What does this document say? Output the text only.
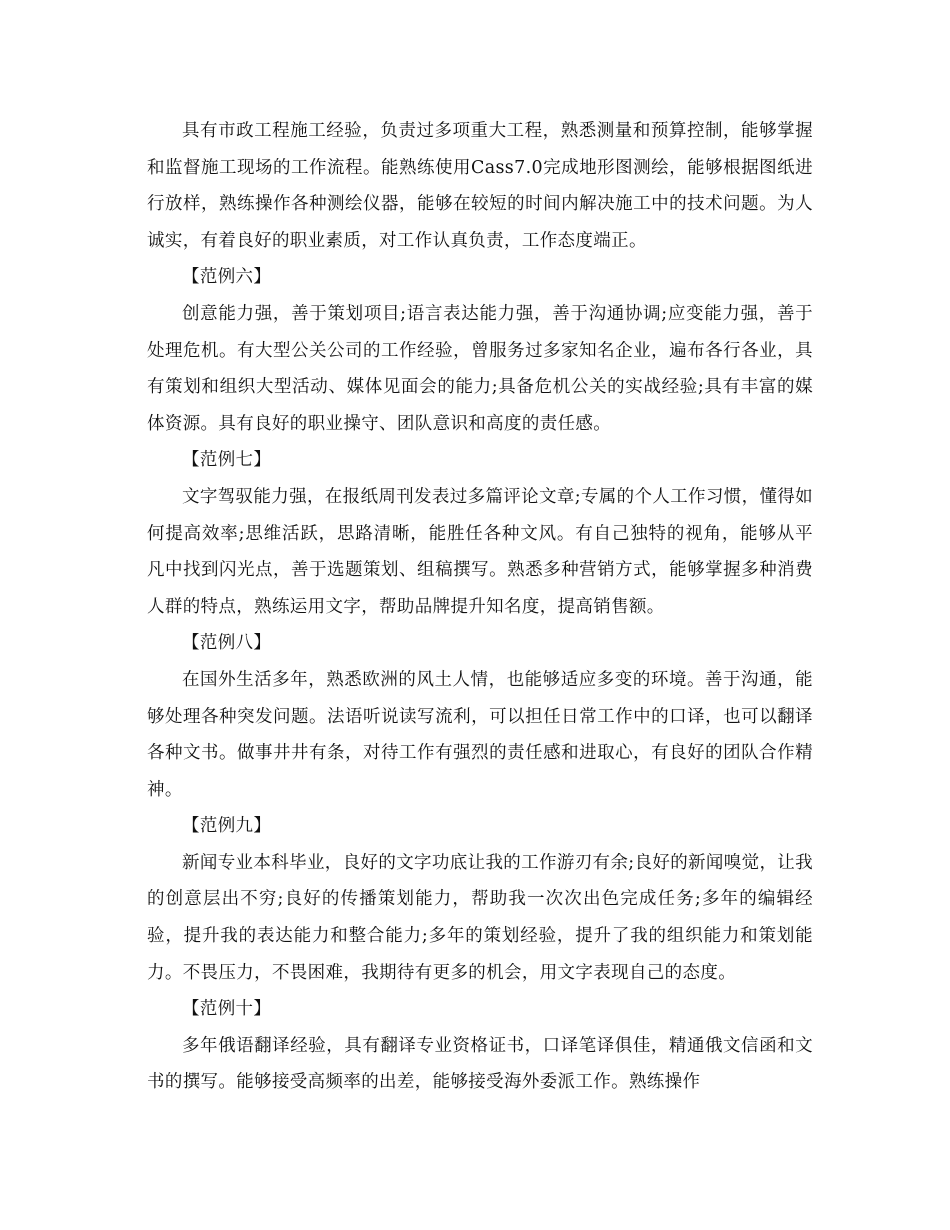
具有市政工程施工经验，负责过多项重大工程，熟悉测量和预算控制，能够掌握和监督施工现场的工作流程。能熟练使用Cass7.0完成地形图测绘，能够根据图纸进行放样，熟练操作各种测绘仪器，能够在较短的时间内解决施工中的技术问题。为人诚实，有着良好的职业素质，对工作认真负责，工作态度端正。

【范例六】

创意能力强，善于策划项目;语言表达能力强，善于沟通协调;应变能力强，善于处理危机。有大型公关公司的工作经验，曾服务过多家知名企业，遍布各行各业，具有策划和组织大型活动、媒体见面会的能力;具备危机公关的实战经验;具有丰富的媒体资源。具有良好的职业操守、团队意识和高度的责任感。

【范例七】

文字驾驭能力强，在报纸周刊发表过多篇评论文章;专属的个人工作习惯，懂得如何提高效率;思维活跃，思路清晰，能胜任各种文风。有自己独特的视角，能够从平凡中找到闪光点，善于选题策划、组稿撰写。熟悉多种营销方式，能够掌握多种消费人群的特点，熟练运用文字，帮助品牌提升知名度，提高销售额。

【范例八】

在国外生活多年，熟悉欧洲的风土人情，也能够适应多变的环境。善于沟通，能够处理各种突发问题。法语听说读写流利，可以担任日常工作中的口译，也可以翻译各种文书。做事井井有条，对待工作有强烈的责任感和进取心，有良好的团队合作精神。

【范例九】

新闻专业本科毕业，良好的文字功底让我的工作游刃有余;良好的新闻嗅觉，让我的创意层出不穷;良好的传播策划能力，帮助我一次次出色完成任务;多年的编辑经验，提升我的表达能力和整合能力;多年的策划经验，提升了我的组织能力和策划能力。不畏压力，不畏困难，我期待有更多的机会，用文字表现自己的态度。

【范例十】

多年俄语翻译经验，具有翻译专业资格证书，口译笔译俱佳，精通俄文信函和文书的撰写。能够接受高频率的出差，能够接受海外委派工作。熟练操作
